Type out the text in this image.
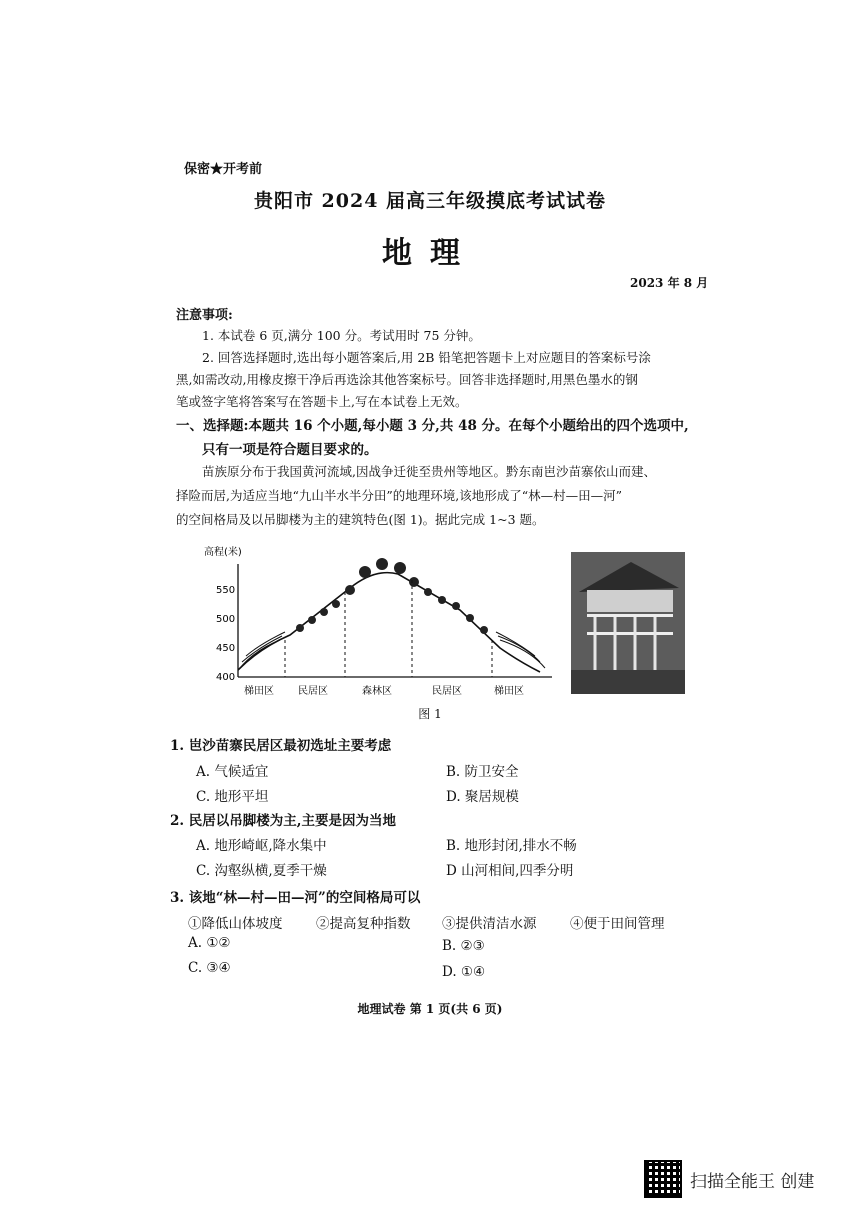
保密★开考前
贵阳市 2024 届高三年级摸底考试试卷
地理
2023 年 8 月
注意事项:
1. 本试卷 6 页,满分 100 分。考试用时 75 分钟。
2. 回答选择题时,选出每小题答案后,用 2B 铅笔把答题卡上对应题目的答案标号涂
黑,如需改动,用橡皮擦干净后再选涂其他答案标号。回答非选择题时,用黑色墨水的钢
笔或签字笔将答案写在答题卡上,写在本试卷上无效。
一、选择题:本题共 16 个小题,每小题 3 分,共 48 分。在每个小题给出的四个选项中,
只有一项是符合题目要求的。
苗族原分布于我国黄河流域,因战争迁徙至贵州等地区。黔东南岜沙苗寨依山而建、
择险而居,为适应当地“九山半水半分田”的地理环境,该地形成了“林—村—田—河”
的空间格局及以吊脚楼为主的建筑特色(图 1)。据此完成 1~3 题。
高程(米)
550
500
450
400
梯田区 民居区	森林区	民居区	梯田区
图 1
1. 岜沙苗寨民居区最初选址主要考虑
A. 气候适宜	B. 防卫安全
C. 地形平坦	D. 聚居规模
2. 民居以吊脚楼为主,主要是因为当地
A. 地形崎岖,降水集中	B. 地形封闭,排水不畅
C. 沟壑纵横,夏季干燥	D 山河相间,四季分明
3. 该地“林—村—田—河”的空间格局可以
①降低山体坡度 ②提高复种指数 ③提供清洁水源 ④便于田间管理
A. ①②	B. ②③
C. ③④	D. ①④
地理试卷 第 1 页(共 6 页)
扫描全能王 创建
